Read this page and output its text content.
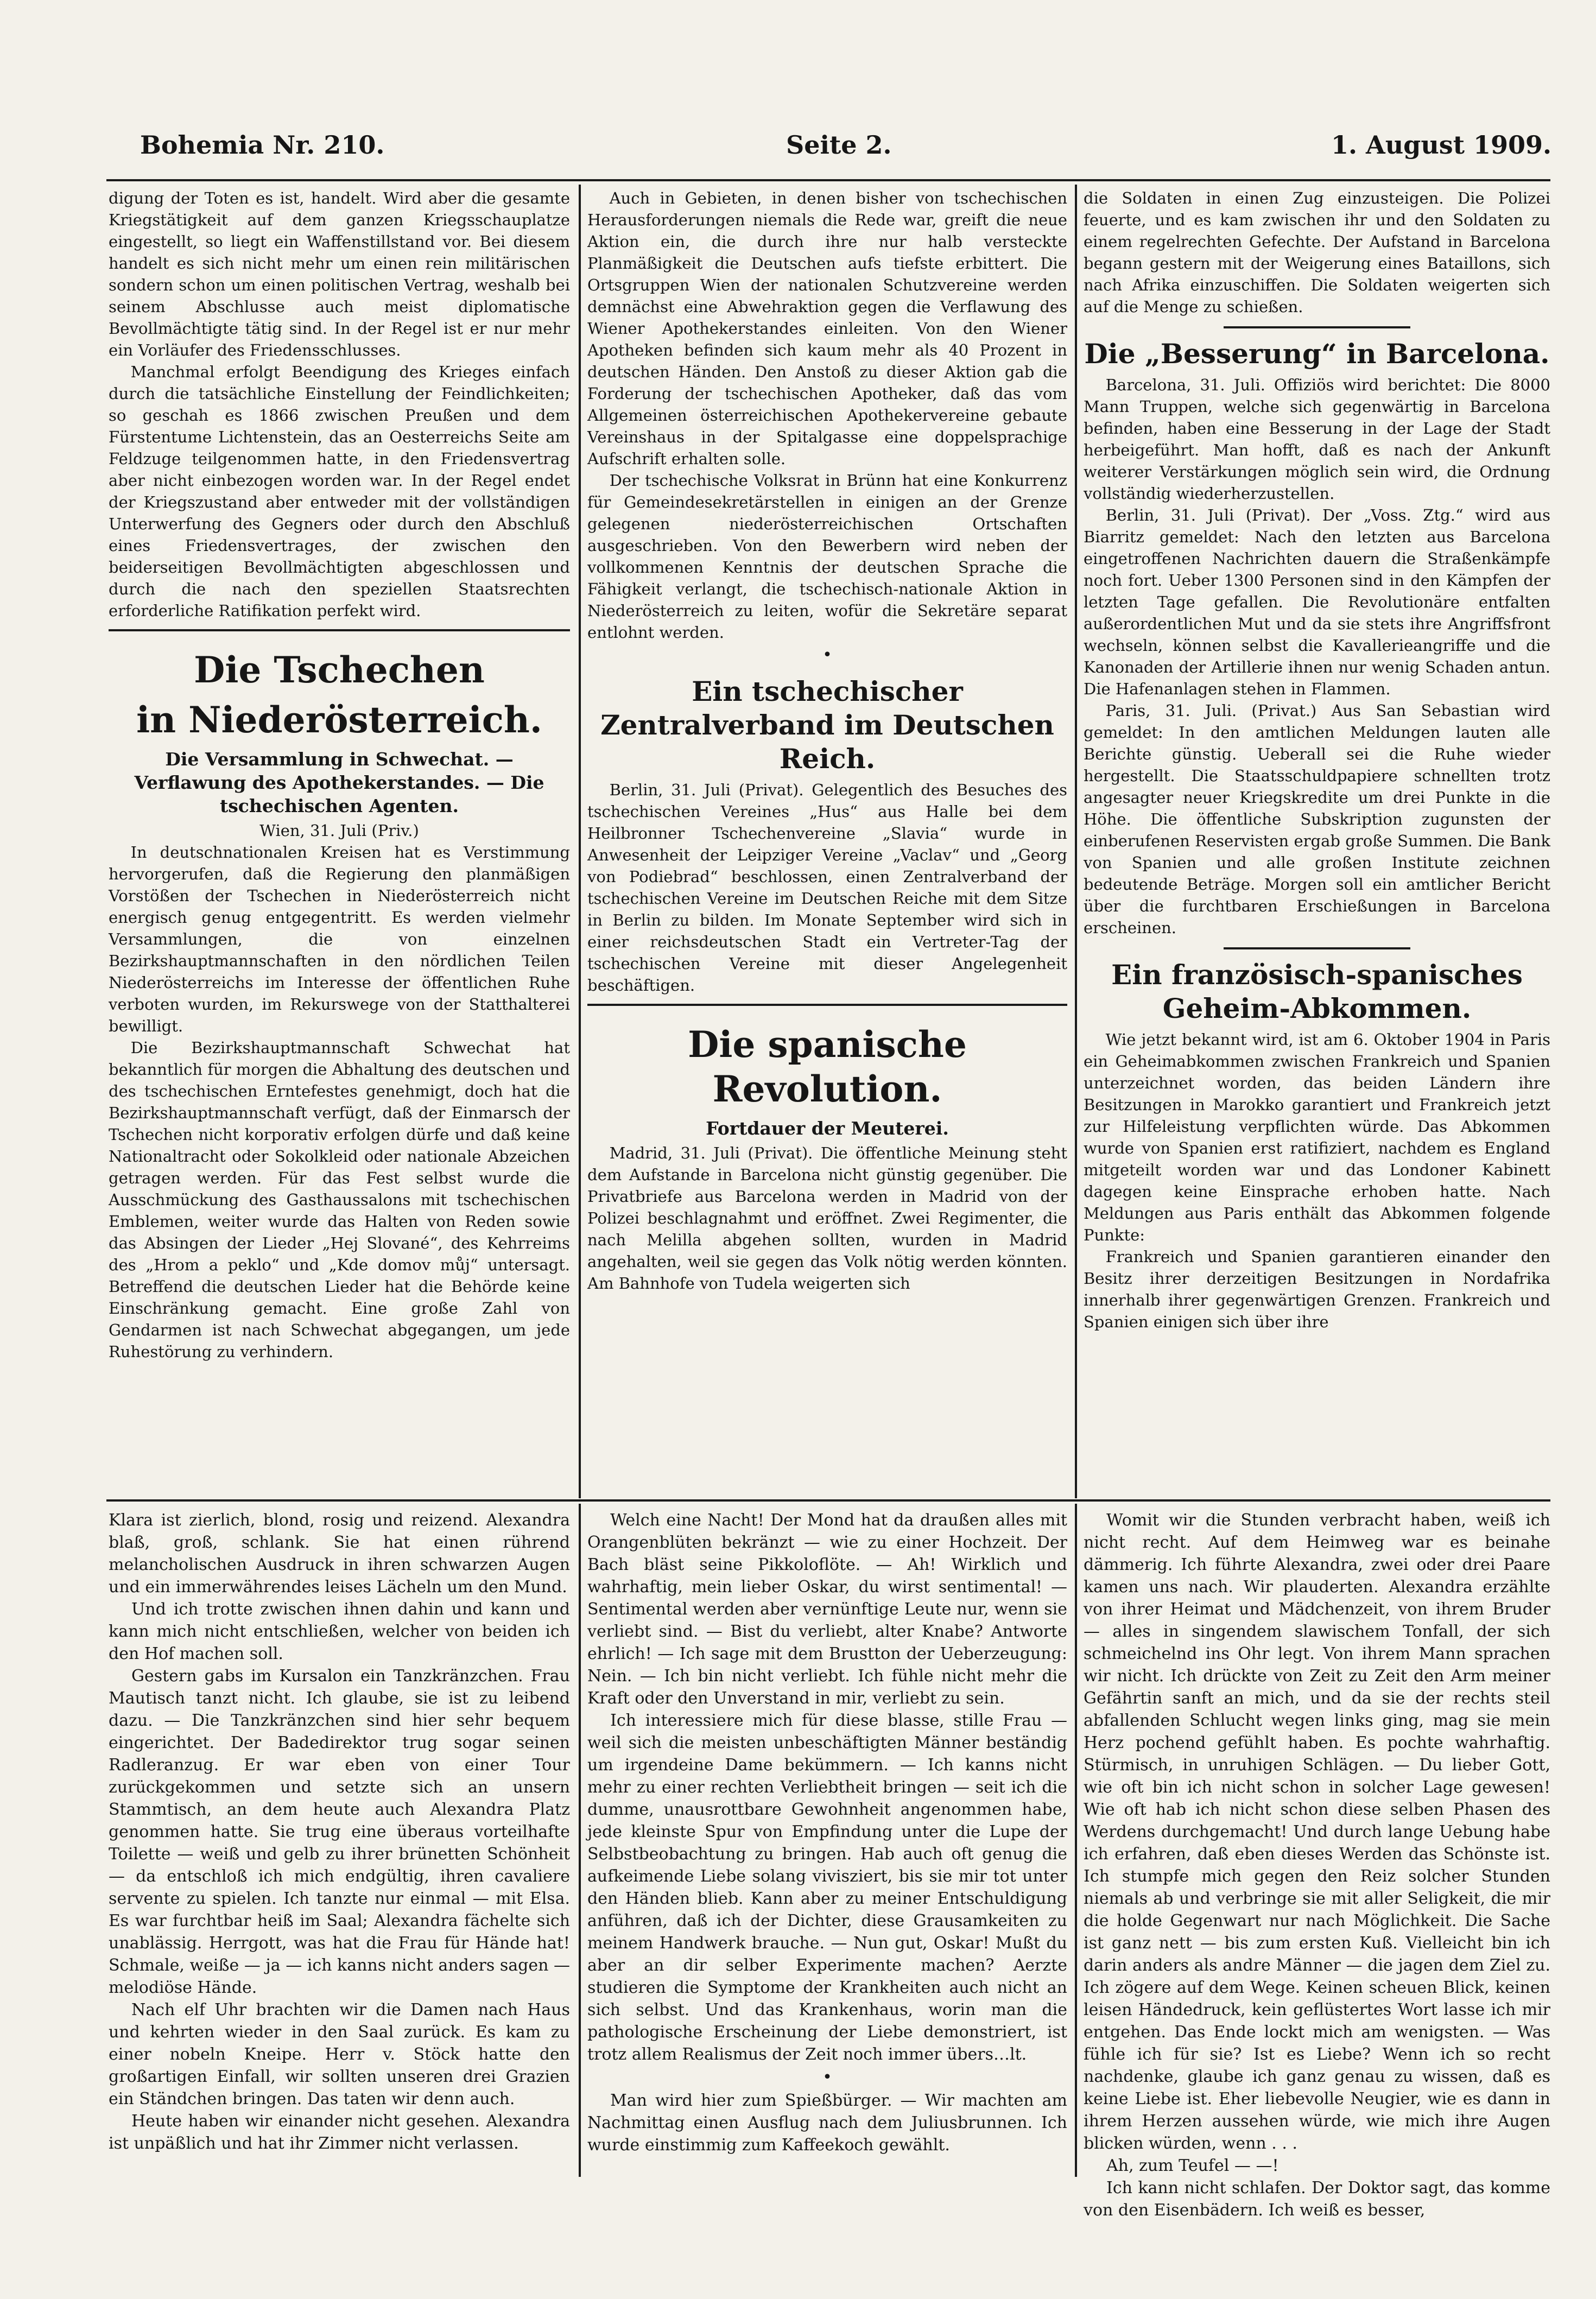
Bohemia Nr. 210.	Seite 2.	1. August 1909.

digung der Toten es ist, handelt. Wird aber die gesamte Kriegstätigkeit auf dem ganzen Kriegsschauplatze eingestellt, so liegt ein Waffenstillstand vor. Bei diesem handelt es sich nicht mehr um einen rein militärischen sondern schon um einen politischen Vertrag, weshalb bei seinem Abschlusse auch meist diplomatische Bevollmächtigte tätig sind. In der Regel ist er nur mehr ein Vorläufer des Friedensschlusses.

Manchmal erfolgt Beendigung des Krieges einfach durch die tatsächliche Einstellung der Feindlichkeiten; so geschah es 1866 zwischen Preußen und dem Fürstentume Lichtenstein, das an Oesterreichs Seite am Feldzuge teilgenommen hatte, in den Friedensvertrag aber nicht einbezogen worden war. In der Regel endet der Kriegszustand aber entweder mit der vollständigen Unterwerfung des Gegners oder durch den Abschluß eines Friedensvertrages, der zwischen den beiderseitigen Bevollmächtigten abgeschlossen und durch die nach den speziellen Staatsrechten erforderliche Ratifikation perfekt wird.

Die Tschechen
in Niederösterreich.
Die Versammlung in Schwechat. — Verflawung des Apothekerstandes. — Die tschechischen Agenten.
Wien, 31. Juli (Priv.)

In deutschnationalen Kreisen hat es Verstimmung hervorgerufen, daß die Regierung den planmäßigen Vorstößen der Tschechen in Niederösterreich nicht energisch genug entgegentritt. Es werden vielmehr Versammlungen, die von einzelnen Bezirkshauptmannschaften in den nördlichen Teilen Niederösterreichs im Interesse der öffentlichen Ruhe verboten wurden, im Rekurswege von der Statthalterei bewilligt.

Die Bezirkshauptmannschaft Schwechat hat bekanntlich für morgen die Abhaltung des deutschen und des tschechischen Erntefestes genehmigt, doch hat die Bezirkshauptmannschaft verfügt, daß der Einmarsch der Tschechen nicht korporativ erfolgen dürfe und daß keine Nationaltracht oder Sokolkleid oder nationale Abzeichen getragen werden. Für das Fest selbst wurde die Ausschmückung des Gasthaussalons mit tschechischen Emblemen, weiter wurde das Halten von Reden sowie das Absingen der Lieder „Hej Slované“, des Kehrreims des „Hrom a peklo“ und „Kde domov můj“ untersagt. Betreffend die deutschen Lieder hat die Behörde keine Einschränkung gemacht. Eine große Zahl von Gendarmen ist nach Schwechat abgegangen, um jede Ruhestörung zu verhindern.

Auch in Gebieten, in denen bisher von tschechischen Herausforderungen niemals die Rede war, greift die neue Aktion ein, die durch ihre nur halb versteckte Planmäßigkeit die Deutschen aufs tiefste erbittert. Die Ortsgruppen Wien der nationalen Schutzvereine werden demnächst eine Abwehraktion gegen die Verflawung des Wiener Apothekerstandes einleiten. Von den Wiener Apotheken befinden sich kaum mehr als 40 Prozent in deutschen Händen. Den Anstoß zu dieser Aktion gab die Forderung der tschechischen Apotheker, daß das vom Allgemeinen österreichischen Apothekervereine gebaute Vereinshaus in der Spitalgasse eine doppelsprachige Aufschrift erhalten solle.

Der tschechische Volksrat in Brünn hat eine Konkurrenz für Gemeindesekretärstellen in einigen an der Grenze gelegenen niederösterreichischen Ortschaften ausgeschrieben. Von den Bewerbern wird neben der vollkommenen Kenntnis der deutschen Sprache die Fähigkeit verlangt, die tschechisch-nationale Aktion in Niederösterreich zu leiten, wofür die Sekretäre separat entlohnt werden.

•
Ein tschechischer Zentralverband im Deutschen Reich.

Berlin, 31. Juli (Privat). Gelegentlich des Besuches des tschechischen Vereines „Hus“ aus Halle bei dem Heilbronner Tschechenvereine „Slavia“ wurde in Anwesenheit der Leipziger Vereine „Vaclav“ und „Georg von Podiebrad“ beschlossen, einen Zentralverband der tschechischen Vereine im Deutschen Reiche mit dem Sitze in Berlin zu bilden. Im Monate September wird sich in einer reichsdeutschen Stadt ein Vertreter-Tag der tschechischen Vereine mit dieser Angelegenheit beschäftigen.

Die spanische Revolution.
Fortdauer der Meuterei.

Madrid, 31. Juli (Privat). Die öffentliche Meinung steht dem Aufstande in Barcelona nicht günstig gegenüber. Die Privatbriefe aus Barcelona werden in Madrid von der Polizei beschlagnahmt und eröffnet. Zwei Regimenter, die nach Melilla abgehen sollten, wurden in Madrid angehalten, weil sie gegen das Volk nötig werden könnten. Am Bahnhofe von Tudela weigerten sich

die Soldaten in einen Zug einzusteigen. Die Polizei feuerte, und es kam zwischen ihr und den Soldaten zu einem regelrechten Gefechte. Der Aufstand in Barcelona begann gestern mit der Weigerung eines Bataillons, sich nach Afrika einzuschiffen. Die Soldaten weigerten sich auf die Menge zu schießen.

Die „Besserung“ in Barcelona.

Barcelona, 31. Juli. Offiziös wird berichtet: Die 8000 Mann Truppen, welche sich gegenwärtig in Barcelona befinden, haben eine Besserung in der Lage der Stadt herbeigeführt. Man hofft, daß es nach der Ankunft weiterer Verstärkungen möglich sein wird, die Ordnung vollständig wiederherzustellen.

Berlin, 31. Juli (Privat). Der „Voss. Ztg.“ wird aus Biarritz gemeldet: Nach den letzten aus Barcelona eingetroffenen Nachrichten dauern die Straßenkämpfe noch fort. Ueber 1300 Personen sind in den Kämpfen der letzten Tage gefallen. Die Revolutionäre entfalten außerordentlichen Mut und da sie stets ihre Angriffsfront wechseln, können selbst die Kavallerieangriffe und die Kanonaden der Artillerie ihnen nur wenig Schaden antun. Die Hafenanlagen stehen in Flammen.

Paris, 31. Juli. (Privat.) Aus San Sebastian wird gemeldet: In den amtlichen Meldungen lauten alle Berichte günstig. Ueberall sei die Ruhe wieder hergestellt. Die Staatsschuldpapiere schnellten trotz angesagter neuer Kriegskredite um drei Punkte in die Höhe. Die öffentliche Subskription zugunsten der einberufenen Reservisten ergab große Summen. Die Bank von Spanien und alle großen Institute zeichnen bedeutende Beträge. Morgen soll ein amtlicher Bericht über die furchtbaren Erschießungen in Barcelona erscheinen.

Ein französisch-spanisches Geheim-Abkommen.

Wie jetzt bekannt wird, ist am 6. Oktober 1904 in Paris ein Geheimabkommen zwischen Frankreich und Spanien unterzeichnet worden, das beiden Ländern ihre Besitzungen in Marokko garantiert und Frankreich jetzt zur Hilfeleistung verpflichten würde. Das Abkommen wurde von Spanien erst ratifiziert, nachdem es England mitgeteilt worden war und das Londoner Kabinett dagegen keine Einsprache erhoben hatte. Nach Meldungen aus Paris enthält das Abkommen folgende Punkte:

Frankreich und Spanien garantieren einander den Besitz ihrer derzeitigen Besitzungen in Nordafrika innerhalb ihrer gegenwärtigen Grenzen. Frankreich und Spanien einigen sich über ihre

Klara ist zierlich, blond, rosig und reizend. Alexandra blaß, groß, schlank. Sie hat einen rührend melancholischen Ausdruck in ihren schwarzen Augen und ein immerwährendes leises Lächeln um den Mund.

Und ich trotte zwischen ihnen dahin und kann und kann mich nicht entschließen, welcher von beiden ich den Hof machen soll.

Gestern gabs im Kursalon ein Tanzkränzchen. Frau Mautisch tanzt nicht. Ich glaube, sie ist zu leibend dazu. — Die Tanzkränzchen sind hier sehr bequem eingerichtet. Der Badedirektor trug sogar seinen Radleranzug. Er war eben von einer Tour zurückgekommen und setzte sich an unsern Stammtisch, an dem heute auch Alexandra Platz genommen hatte. Sie trug eine überaus vorteilhafte Toilette — weiß und gelb zu ihrer brünetten Schönheit — da entschloß ich mich endgültig, ihren cavaliere servente zu spielen. Ich tanzte nur einmal — mit Elsa. Es war furchtbar heiß im Saal; Alexandra fächelte sich unablässig. Herrgott, was hat die Frau für Hände hat! Schmale, weiße — ja — ich kanns nicht anders sagen — melodiöse Hände.

Nach elf Uhr brachten wir die Damen nach Haus und kehrten wieder in den Saal zurück. Es kam zu einer nobeln Kneipe. Herr v. Stöck hatte den großartigen Einfall, wir sollten unseren drei Grazien ein Ständchen bringen. Das taten wir denn auch.

Heute haben wir einander nicht gesehen. Alexandra ist unpäßlich und hat ihr Zimmer nicht verlassen.

Welch eine Nacht! Der Mond hat da draußen alles mit Orangenblüten bekränzt — wie zu einer Hochzeit. Der Bach bläst seine Pikkoloflöte. — Ah! Wirklich und wahrhaftig, mein lieber Oskar, du wirst sentimental! — Sentimental werden aber vernünftige Leute nur, wenn sie verliebt sind. — Bist du verliebt, alter Knabe? Antworte ehrlich! — Ich sage mit dem Brustton der Ueberzeugung: Nein. — Ich bin nicht verliebt. Ich fühle nicht mehr die Kraft oder den Unverstand in mir, verliebt zu sein.

Ich interessiere mich für diese blasse, stille Frau — weil sich die meisten unbeschäftigten Männer beständig um irgendeine Dame bekümmern. — Ich kanns nicht mehr zu einer rechten Verliebtheit bringen — seit ich die dumme, unausrottbare Gewohnheit angenommen habe, jede kleinste Spur von Empfindung unter die Lupe der Selbstbeobachtung zu bringen. Hab auch oft genug die aufkeimende Liebe solang vivisziert, bis sie mir tot unter den Händen blieb. Kann aber zu meiner Entschuldigung anführen, daß ich der Dichter, diese Grausamkeiten zu meinem Handwerk brauche. — Nun gut, Oskar! Mußt du aber an dir selber Experimente machen? Aerzte studieren die Symptome der Krankheiten auch nicht an sich selbst. Und das Krankenhaus, worin man die pathologische Erscheinung der Liebe demonstriert, ist trotz allem Realismus der Zeit noch immer übers…lt.

•

Man wird hier zum Spießbürger. — Wir machten am Nachmittag einen Ausflug nach dem Juliusbrunnen. Ich wurde einstimmig zum Kaffeekoch gewählt.

Womit wir die Stunden verbracht haben, weiß ich nicht recht. Auf dem Heimweg war es beinahe dämmerig. Ich führte Alexandra, zwei oder drei Paare kamen uns nach. Wir plauderten. Alexandra erzählte von ihrer Heimat und Mädchenzeit, von ihrem Bruder — alles in singendem slawischem Tonfall, der sich schmeichelnd ins Ohr legt. Von ihrem Mann sprachen wir nicht. Ich drückte von Zeit zu Zeit den Arm meiner Gefährtin sanft an mich, und da sie der rechts steil abfallenden Schlucht wegen links ging, mag sie mein Herz pochend gefühlt haben. Es pochte wahrhaftig. Stürmisch, in unruhigen Schlägen. — Du lieber Gott, wie oft bin ich nicht schon in solcher Lage gewesen! Wie oft hab ich nicht schon diese selben Phasen des Werdens durchgemacht! Und durch lange Uebung habe ich erfahren, daß eben dieses Werden das Schönste ist. Ich stumpfe mich gegen den Reiz solcher Stunden niemals ab und verbringe sie mit aller Seligkeit, die mir die holde Gegenwart nur nach Möglichkeit. Die Sache ist ganz nett — bis zum ersten Kuß. Vielleicht bin ich darin anders als andre Männer — die jagen dem Ziel zu. Ich zögere auf dem Wege. Keinen scheuen Blick, keinen leisen Händedruck, kein geflüstertes Wort lasse ich mir entgehen. Das Ende lockt mich am wenigsten. — Was fühle ich für sie? Ist es Liebe? Wenn ich so recht nachdenke, glaube ich ganz genau zu wissen, daß es keine Liebe ist. Eher liebevolle Neugier, wie es dann in ihrem Herzen aussehen würde, wie mich ihre Augen blicken würden, wenn . . .

Ah, zum Teufel — —!

Ich kann nicht schlafen. Der Doktor sagt, das komme von den Eisenbädern. Ich weiß es besser,
